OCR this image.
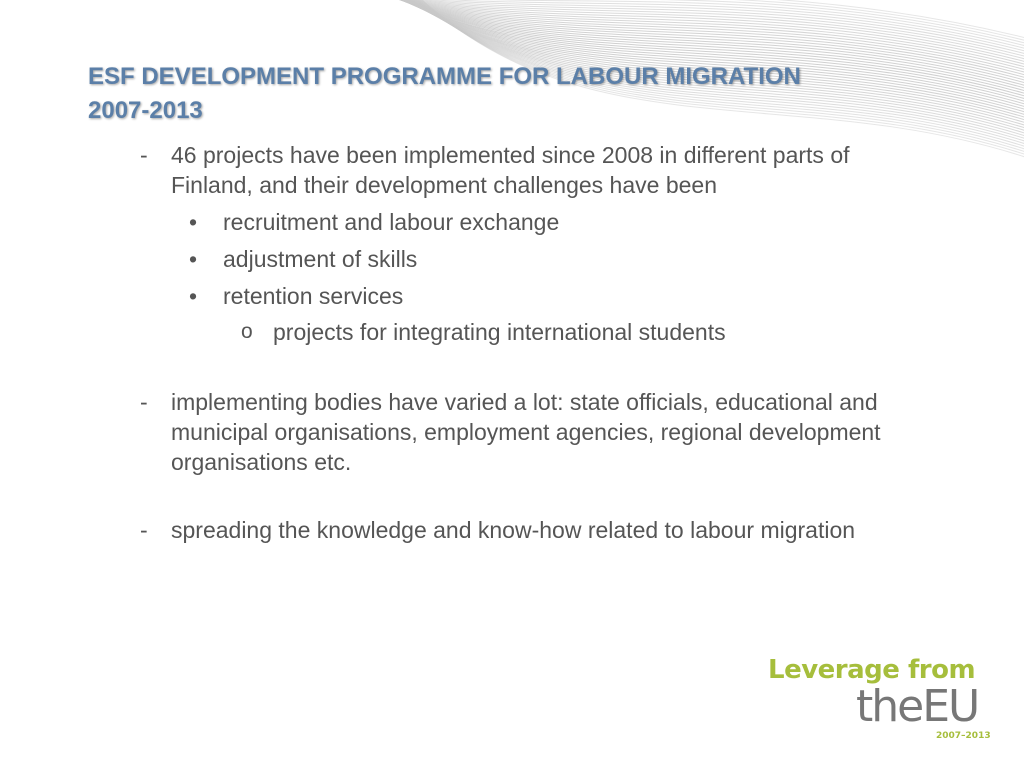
ESF DEVELOPMENT PROGRAMME FOR LABOUR MIGRATION
2007-2013
-	46 projects have been implemented since 2008 in different parts of Finland, and their development challenges have been
•	recruitment and labour exchange
•	adjustment of skills
•	retention services
o projects for integrating international students
-	implementing bodies have varied a lot: state officials, educational and municipal organisations, employment agencies, regional development organisations etc.
-	spreading the knowledge and know-how related to labour migration
Leverage from
theEU
2007–2013
